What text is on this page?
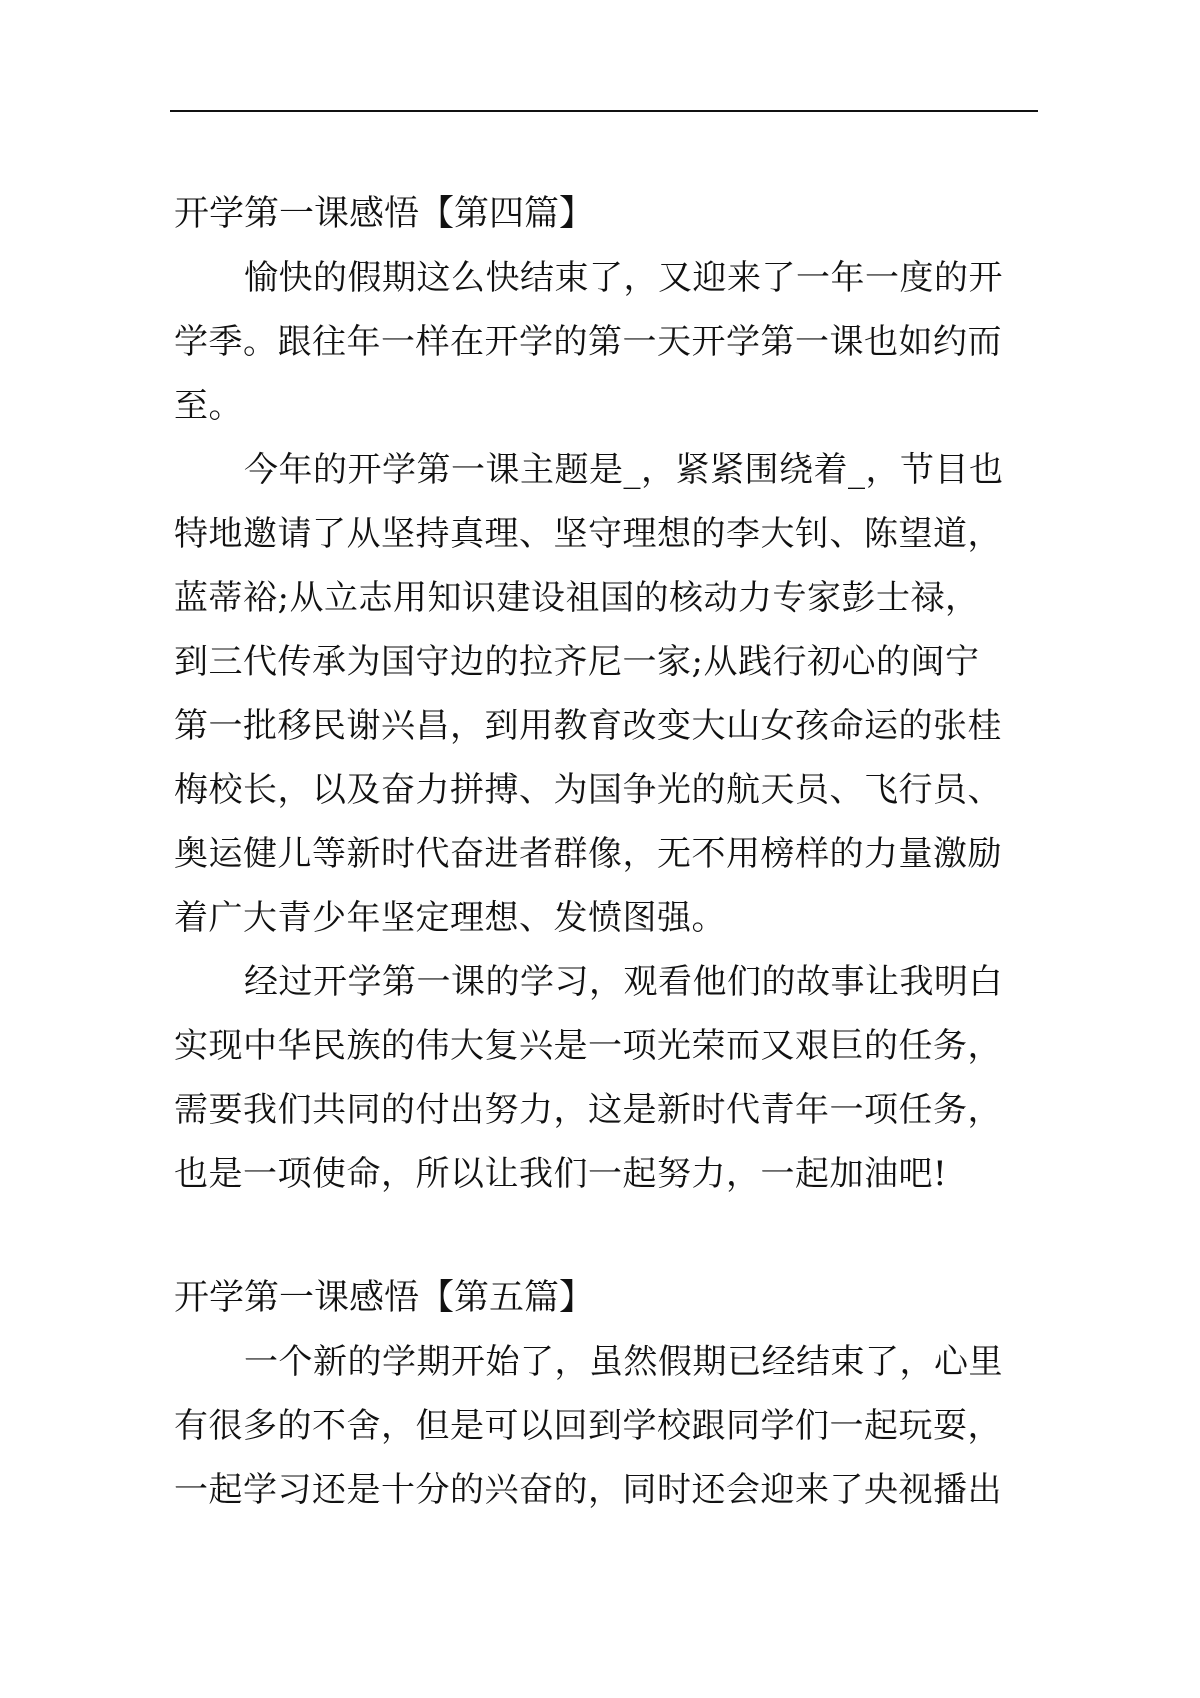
开学第一课感悟【第四篇】

愉快的假期这么快结束了，又迎来了一年一度的开
学季。跟往年一样在开学的第一天开学第一课也如约而
至。

今年的开学第一课主题是_，紧紧围绕着_，节目也
特地邀请了从坚持真理、坚守理想的李大钊、陈望道，
蓝蒂裕;从立志用知识建设祖国的核动力专家彭士禄，
到三代传承为国守边的拉齐尼一家;从践行初心的闽宁
第一批移民谢兴昌，到用教育改变大山女孩命运的张桂
梅校长，以及奋力拼搏、为国争光的航天员、飞行员、
奥运健儿等新时代奋进者群像，无不用榜样的力量激励
着广大青少年坚定理想、发愤图强。

经过开学第一课的学习，观看他们的故事让我明白
实现中华民族的伟大复兴是一项光荣而又艰巨的任务，
需要我们共同的付出努力，这是新时代青年一项任务，
也是一项使命，所以让我们一起努力，一起加油吧!

开学第一课感悟【第五篇】

一个新的学期开始了，虽然假期已经结束了，心里
有很多的不舍，但是可以回到学校跟同学们一起玩耍，
一起学习还是十分的兴奋的，同时还会迎来了央视播出
